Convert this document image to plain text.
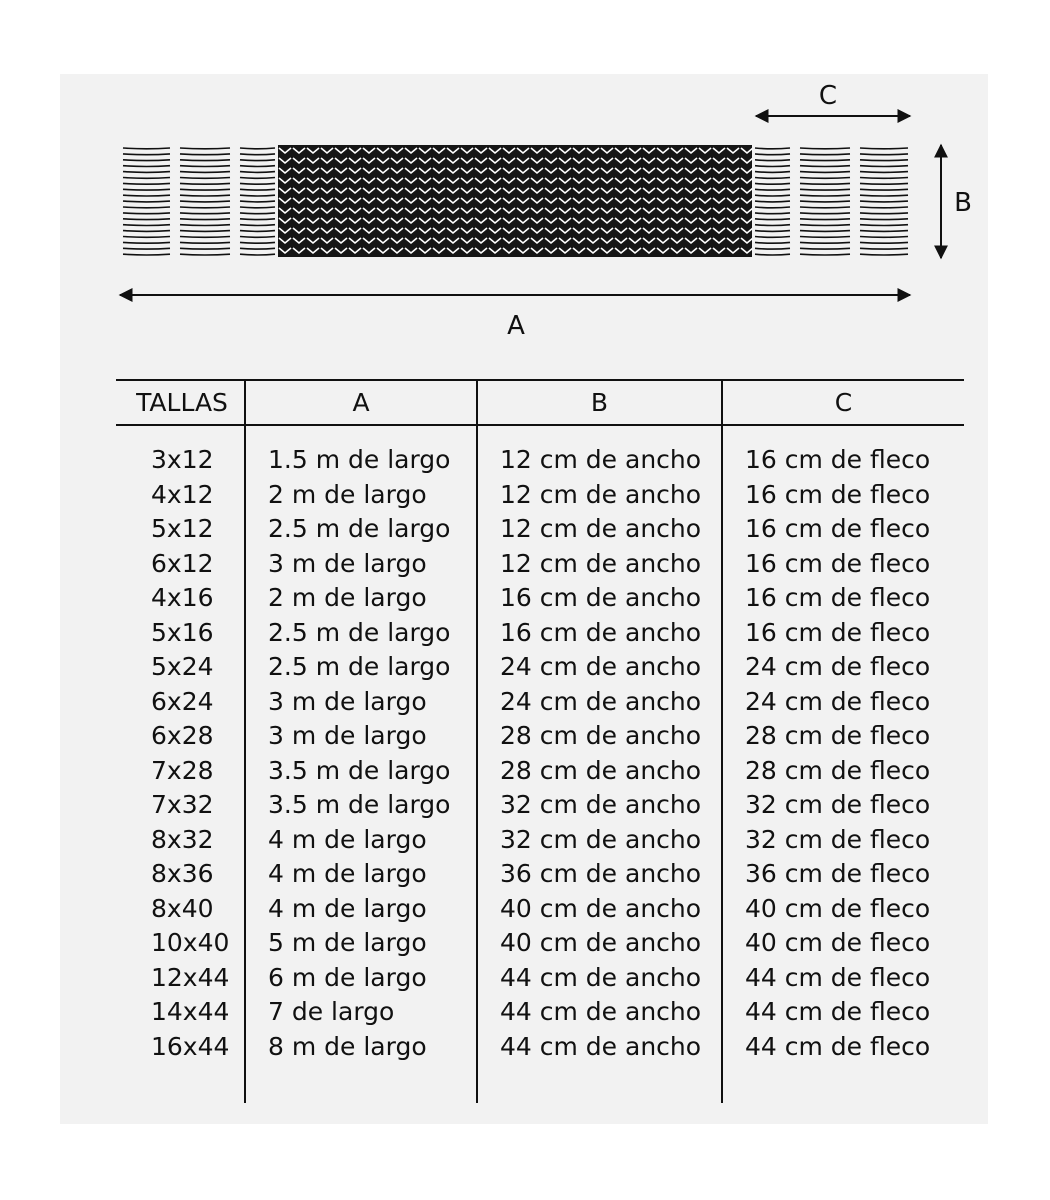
C
B
A
TALLAS	A	B	C
3x12 1.5 m de largo 12 cm de ancho 16 cm de fleco
4x12 2 m de largo	12 cm de ancho 16 cm de fleco
5x12 2.5 m de largo 12 cm de ancho 16 cm de fleco
6x12 3 m de largo	12 cm de ancho 16 cm de fleco
4x16 2 m de largo	16 cm de ancho 16 cm de fleco
5x16 2.5 m de largo 16 cm de ancho 16 cm de fleco
5x24 2.5 m de largo 24 cm de ancho 24 cm de fleco
6x24 3 m de largo	24 cm de ancho 24 cm de fleco
6x28 3 m de largo	28 cm de ancho 28 cm de fleco
7x28 3.5 m de largo 28 cm de ancho 28 cm de fleco
7x32 3.5 m de largo 32 cm de ancho 32 cm de fleco
8x32 4 m de largo	32 cm de ancho 32 cm de fleco
8x36 4 m de largo	36 cm de ancho 36 cm de fleco
8x40 4 m de largo	40 cm de ancho 40 cm de fleco
10x40 5 m de largo	40 cm de ancho 40 cm de fleco
12x44 6 m de largo	44 cm de ancho 44 cm de fleco
14x44 7 de largo	44 cm de ancho 44 cm de fleco
16x44 8 m de largo	44 cm de ancho 44 cm de fleco
